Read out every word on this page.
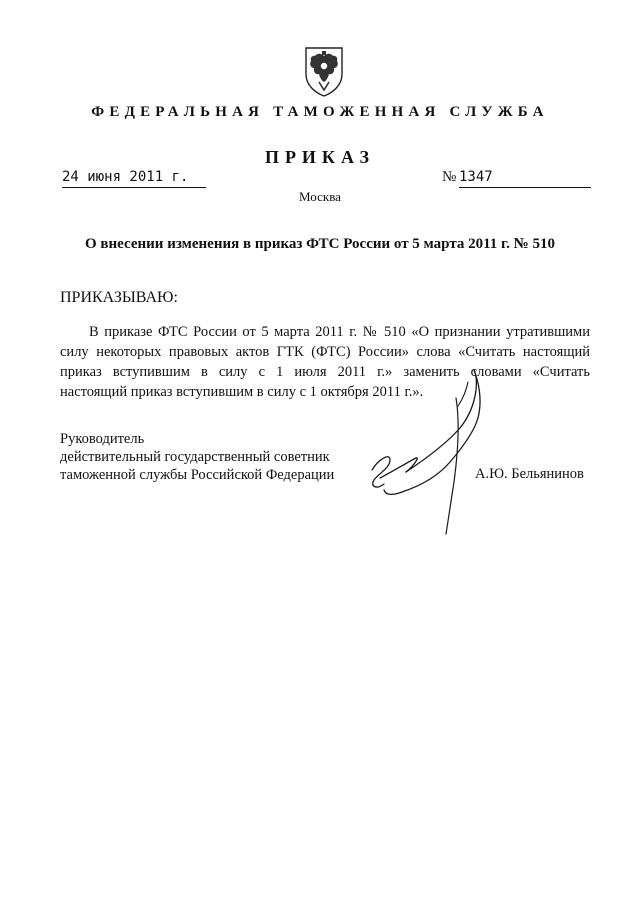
ФЕДЕРАЛЬНАЯ ТАМОЖЕННАЯ СЛУЖБА
ПРИКАЗ
24 июня 2011 г.	№ 1347
Москва
О внесении изменения в приказ ФТС России от 5 марта 2011 г. № 510
ПРИКАЗЫВАЮ:
В приказе ФТС России от 5 марта 2011 г. № 510 «О признании утратившими
силу некоторых правовых актов ГТК (ФТС) России» слова «Считать настоящий
приказ вступившим в силу с 1 июля 2011 г.» заменить словами «Считать
настоящий приказ вступившим в силу с 1 октября 2011 г.».
Руководитель
действительный государственный советник
таможенной службы Российской Федерации	А.Ю. Бельянинов
